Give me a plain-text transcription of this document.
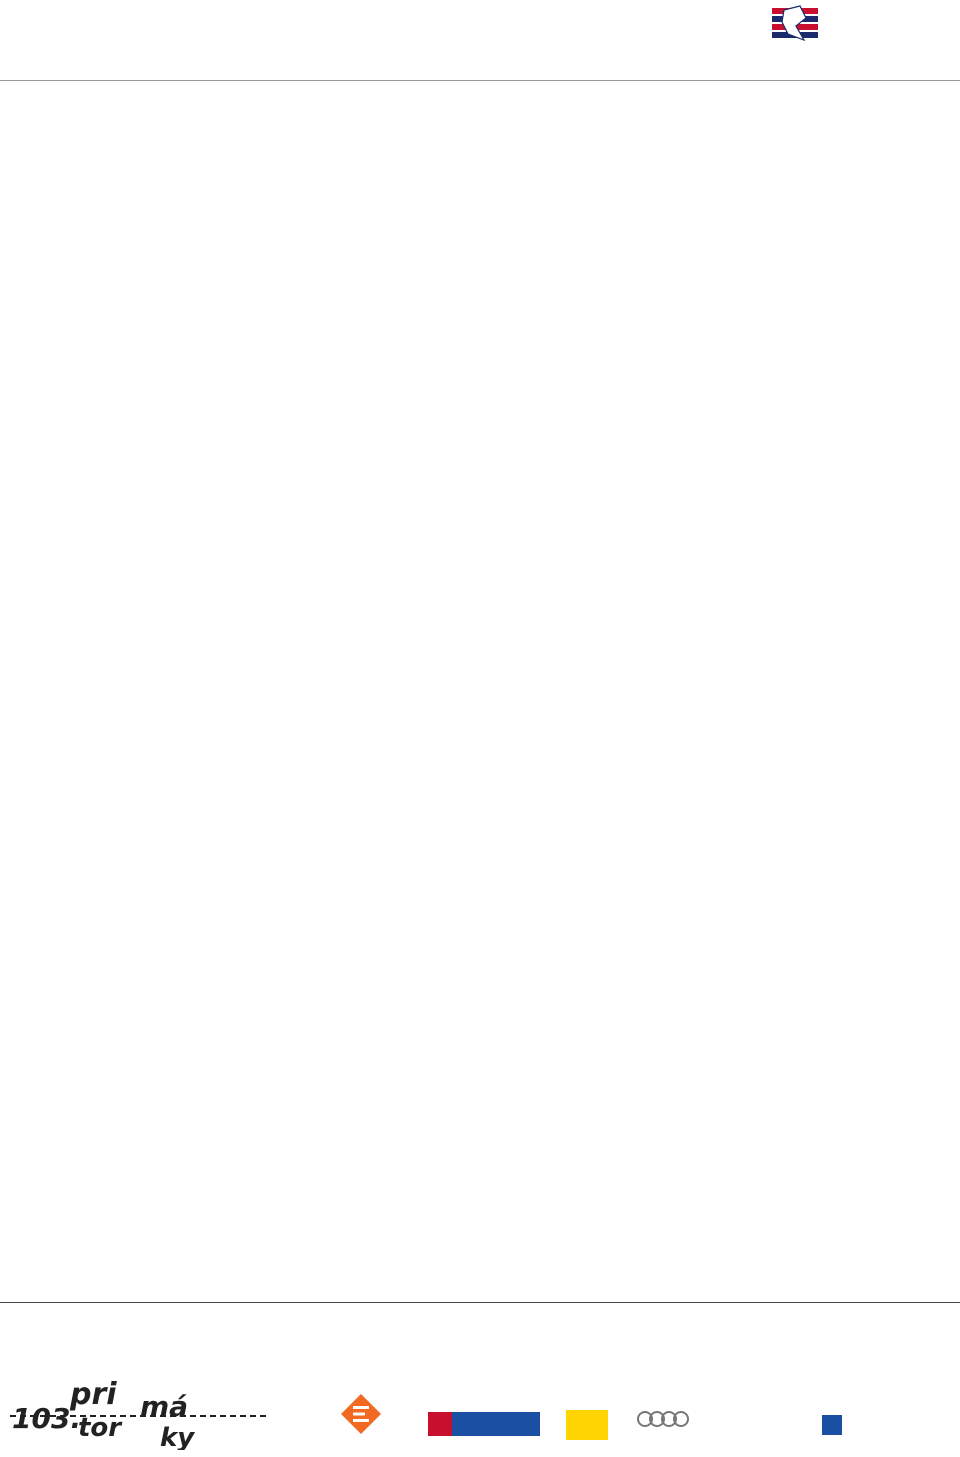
pri má
103.
tor ky
